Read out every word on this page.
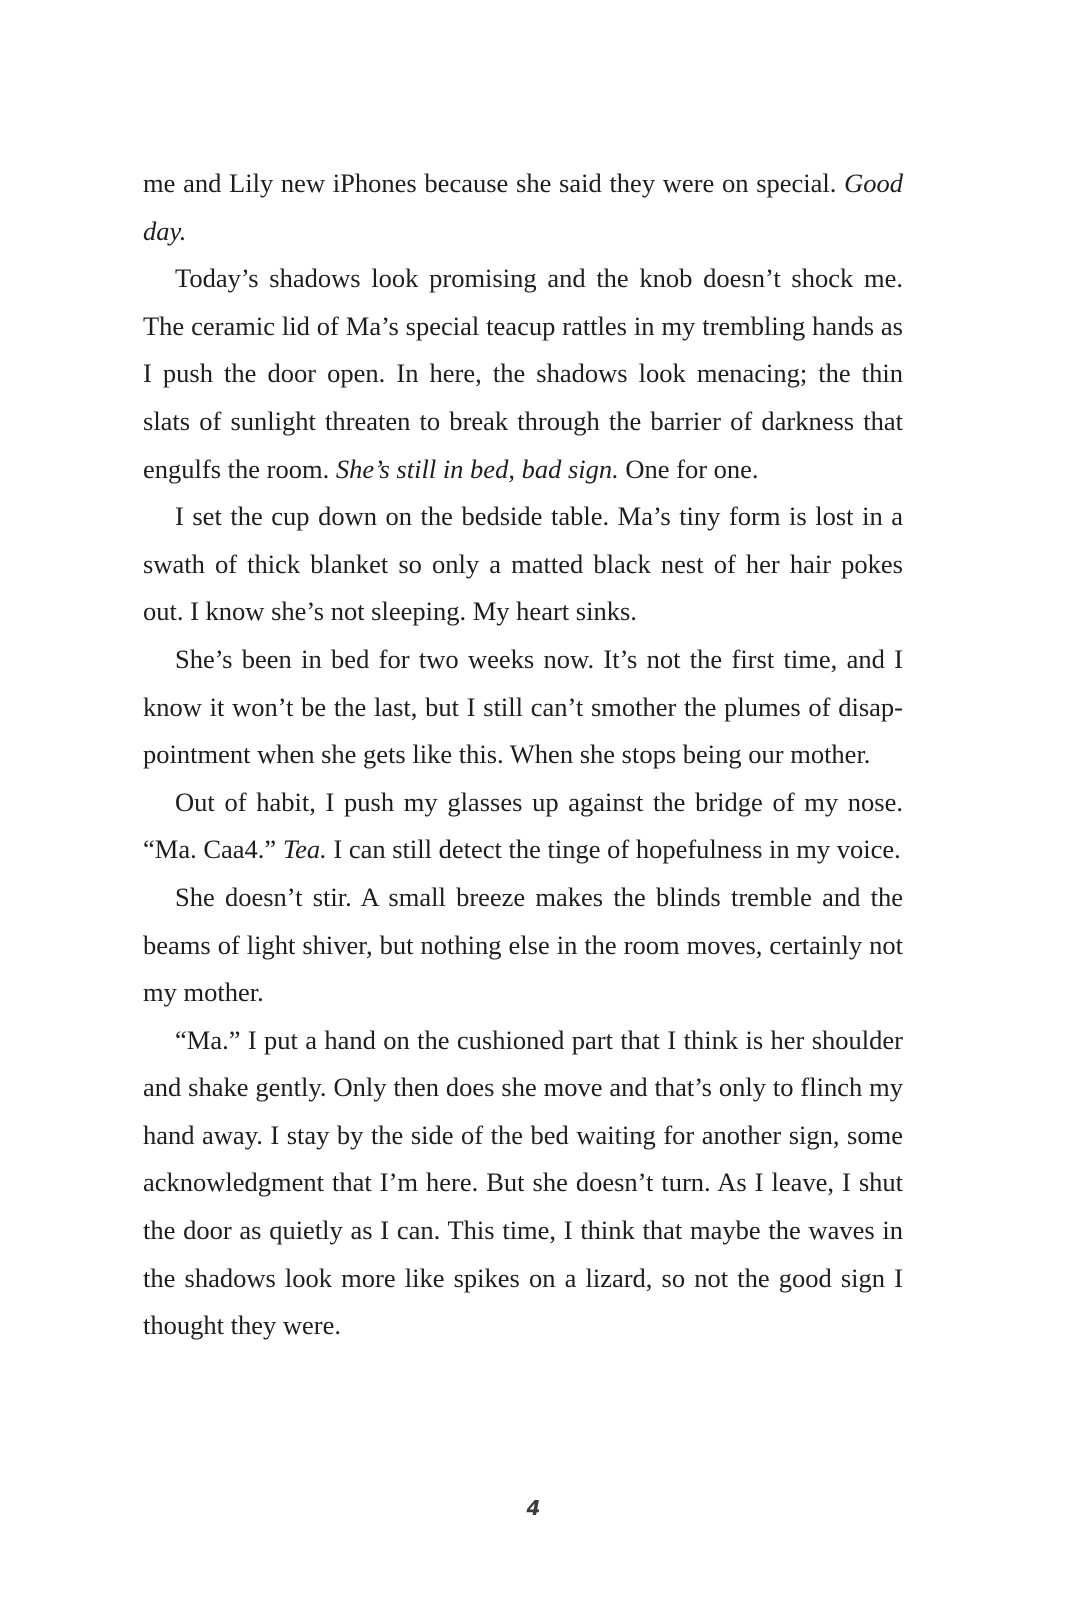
me and Lily new iPhones because she said they were on special. Good day.

Today’s shadows look promising and the knob doesn’t shock me. The ceramic lid of Ma’s special teacup rattles in my trembling hands as I push the door open. In here, the shadows look menacing; the thin slats of sunlight threaten to break through the barrier of darkness that engulfs the room. She’s still in bed, bad sign. One for one.

I set the cup down on the bedside table. Ma’s tiny form is lost in a swath of thick blanket so only a matted black nest of her hair pokes out. I know she’s not sleeping. My heart sinks.

She’s been in bed for two weeks now. It’s not the first time, and I know it won’t be the last, but I still can’t smother the plumes of disappointment when she gets like this. When she stops being our mother.

Out of habit, I push my glasses up against the bridge of my nose. “Ma. Caa4.” Tea. I can still detect the tinge of hopefulness in my voice.

She doesn’t stir. A small breeze makes the blinds tremble and the beams of light shiver, but nothing else in the room moves, certainly not my mother.

“Ma.” I put a hand on the cushioned part that I think is her shoulder and shake gently. Only then does she move and that’s only to flinch my hand away. I stay by the side of the bed waiting for another sign, some acknowledgment that I’m here. But she doesn’t turn. As I leave, I shut the door as quietly as I can. This time, I think that maybe the waves in the shadows look more like spikes on a lizard, so not the good sign I thought they were.

4
